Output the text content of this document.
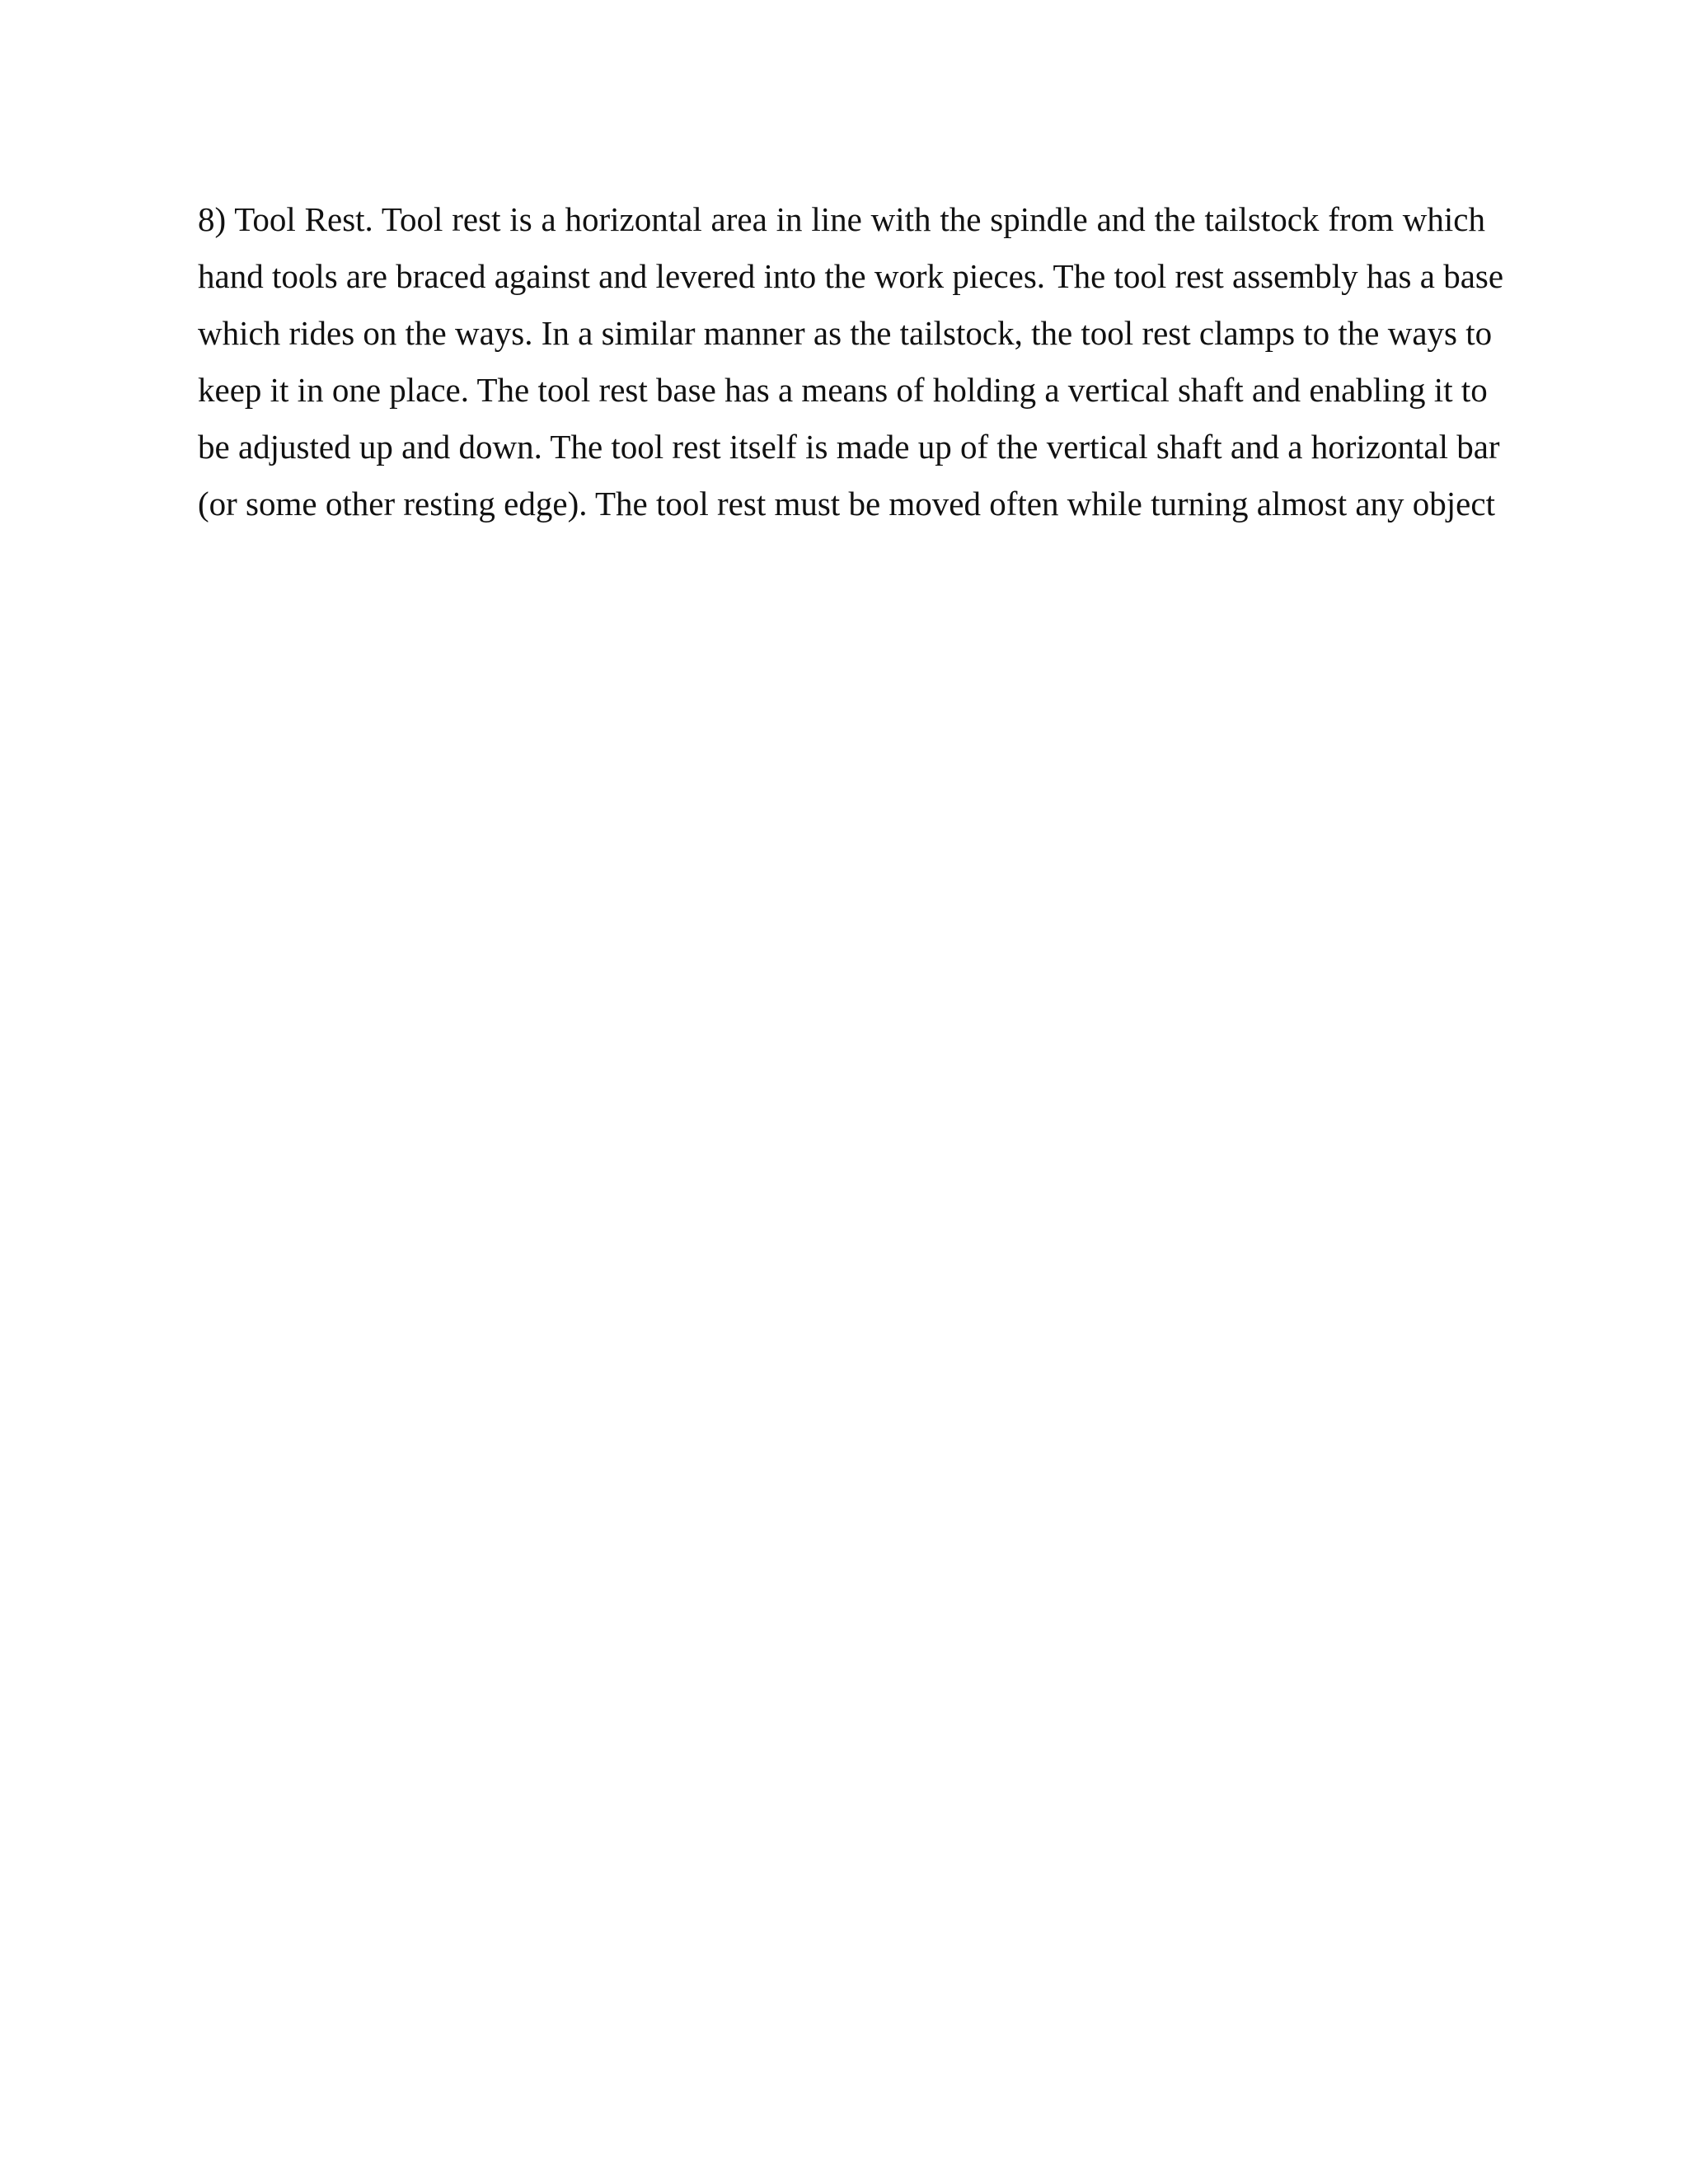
8) Tool Rest. Tool rest is a horizontal area in line with the spindle and the tailstock from which
hand tools are braced against and levered into the work pieces. The tool rest assembly has a base
which rides on the ways. In a similar manner as the tailstock, the tool rest clamps to the ways to
keep it in one place. The tool rest base has a means of holding a vertical shaft and enabling it to
be adjusted up and down. The tool rest itself is made up of the vertical shaft and a horizontal bar
(or some other resting edge). The tool rest must be moved often while turning almost any object
